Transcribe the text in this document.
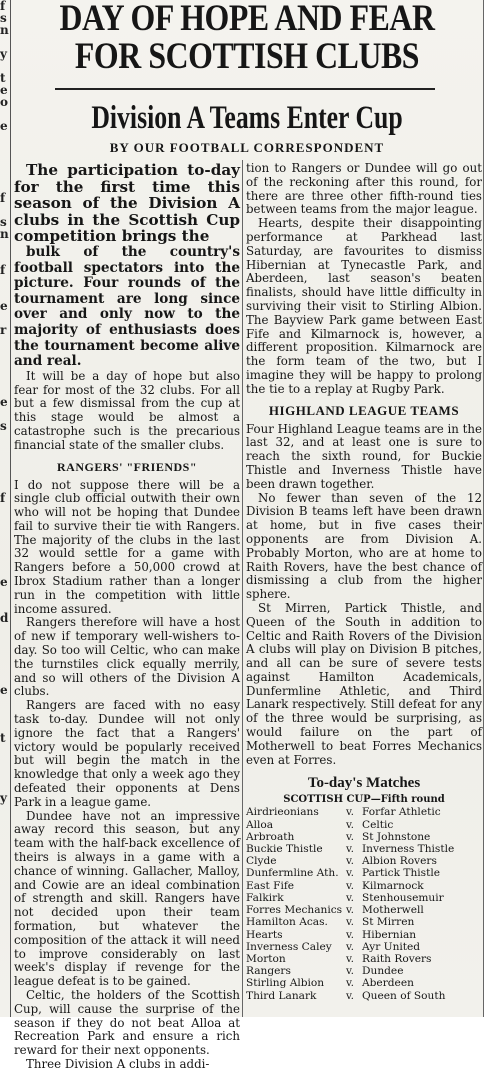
f
s
n
y
t
e
o
e
f
s
n
f
e
r
e
s
f
e
d
e
t
y
DAY OF HOPE AND FEAR
FOR SCOTTISH CLUBS
Division A Teams Enter Cup
BY OUR FOOTBALL CORRESPONDENT

The participation to-day for the first time this season of the Division A clubs in the Scottish Cup competition brings the

bulk of the country's football spectators into the picture. Four rounds of the tournament are long since over and only now to the majority of enthusiasts does the tournament become alive and real.

It will be a day of hope but also fear for most of the 32 clubs. For all but a few dismissal from the cup at this stage would be almost a catastrophe such is the precarious financial state of the smaller clubs.

RANGERS' "FRIENDS"

I do not suppose there will be a single club official outwith their own who will not be hoping that Dundee fail to survive their tie with Rangers. The majority of the clubs in the last 32 would settle for a game with Rangers before a 50,000 crowd at Ibrox Stadium rather than a longer run in the competition with little income assured.

Rangers therefore will have a host of new if temporary well-wishers to-day. So too will Celtic, who can make the turnstiles click equally merrily, and so will others of the Division A clubs.

Rangers are faced with no easy task to-day. Dundee will not only ignore the fact that a Rangers' victory would be popularly received but will begin the match in the knowledge that only a week ago they defeated their opponents at Dens Park in a league game.

Dundee have not an impressive away record this season, but any team with the half-back excellence of theirs is always in a game with a chance of winning. Gallacher, Malloy, and Cowie are an ideal combination of strength and skill. Rangers have not decided upon their team formation, but whatever the composition of the attack it will need to improve considerably on last week's display if revenge for the league defeat is to be gained.

Celtic, the holders of the Scottish Cup, will cause the surprise of the season if they do not beat Alloa at Recreation Park and ensure a rich reward for their next opponents.

Three Division A clubs in addi-

tion to Rangers or Dundee will go out of the reckoning after this round, for there are three other fifth-round ties between teams from the major league.

Hearts, despite their disappointing performance at Parkhead last Saturday, are favourites to dismiss Hibernian at Tynecastle Park, and Aberdeen, last season's beaten finalists, should have little difficulty in surviving their visit to Stirling Albion. The Bayview Park game between East Fife and Kilmarnock is, however, a different proposition. Kilmarnock are the form team of the two, but I imagine they will be happy to prolong the tie to a replay at Rugby Park.

HIGHLAND LEAGUE TEAMS

Four Highland League teams are in the last 32, and at least one is sure to reach the sixth round, for Buckie Thistle and Inverness Thistle have been drawn together.

No fewer than seven of the 12 Division B teams left have been drawn at home, but in five cases their opponents are from Division A. Probably Morton, who are at home to Raith Rovers, have the best chance of dismissing a club from the higher sphere.

St Mirren, Partick Thistle, and Queen of the South in addition to Celtic and Raith Rovers of the Division A clubs will play on Division B pitches, and all can be sure of severe tests against Hamilton Academicals, Dunfermline Athletic, and Third Lanark respectively. Still defeat for any of the three would be surprising, as would failure on the part of Motherwell to beat Forres Mechanics even at Forres.

To-day's Matches
SCOTTISH CUP—Fifth round
Airdrieonians	v. Forfar Athletic
Alloa	v. Celtic
Arbroath	v. St Johnstone
Buckie Thistle	v. Inverness Thistle
Clyde	v. Albion Rovers
Dunfermline Ath. v. Partick Thistle
East Fife	v. Kilmarnock
Falkirk	v. Stenhousemuir
Forres Mechanics v. Motherwell
Hamilton Acas.	v. St Mirren
Hearts	v. Hibernian
Inverness Caley	v. Ayr United
Morton	v. Raith Rovers
Rangers	v. Dundee
Stirling Albion	v. Aberdeen
Third Lanark	v. Queen of South
